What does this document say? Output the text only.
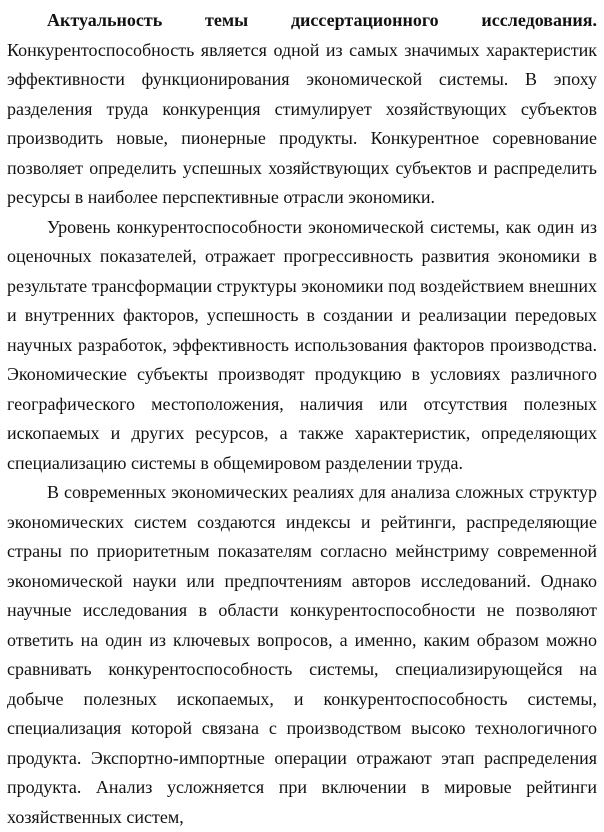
Актуальность темы диссертационного исследования. Конкурентоспособность является одной из самых значимых характеристик эффективности функционирования экономической системы. В эпоху разделения труда конкуренция стимулирует хозяйствующих субъектов производить новые, пионерные продукты. Конкурентное соревнование позволяет определить успешных хозяйствующих субъектов и распределить ресурсы в наиболее перспективные отрасли экономики.

Уровень конкурентоспособности экономической системы, как один из оценочных показателей, отражает прогрессивность развития экономики в результате трансформации структуры экономики под воздействием внешних и внутренних факторов, успешность в создании и реализации передовых научных разработок, эффективность использования факторов производства. Экономические субъекты производят продукцию в условиях различного географического местоположения, наличия или отсутствия полезных ископаемых и других ресурсов, а также характеристик, определяющих специализацию системы в общемировом разделении труда.

В современных экономических реалиях для анализа сложных структур экономических систем создаются индексы и рейтинги, распределяющие страны по приоритетным показателям согласно мейнстриму современной экономической науки или предпочтениям авторов исследований. Однако научные исследования в области конкурентоспособности не позволяют ответить на один из ключевых вопросов, а именно, каким образом можно сравнивать конкурентоспособность системы, специализирующейся на добыче полезных ископаемых, и конкурентоспособность системы, специализация которой связана с производством высоко технологичного продукта. Экспортно-импортные операции отражают этап распределения продукта. Анализ усложняется при включении в мировые рейтинги хозяйственных систем,
